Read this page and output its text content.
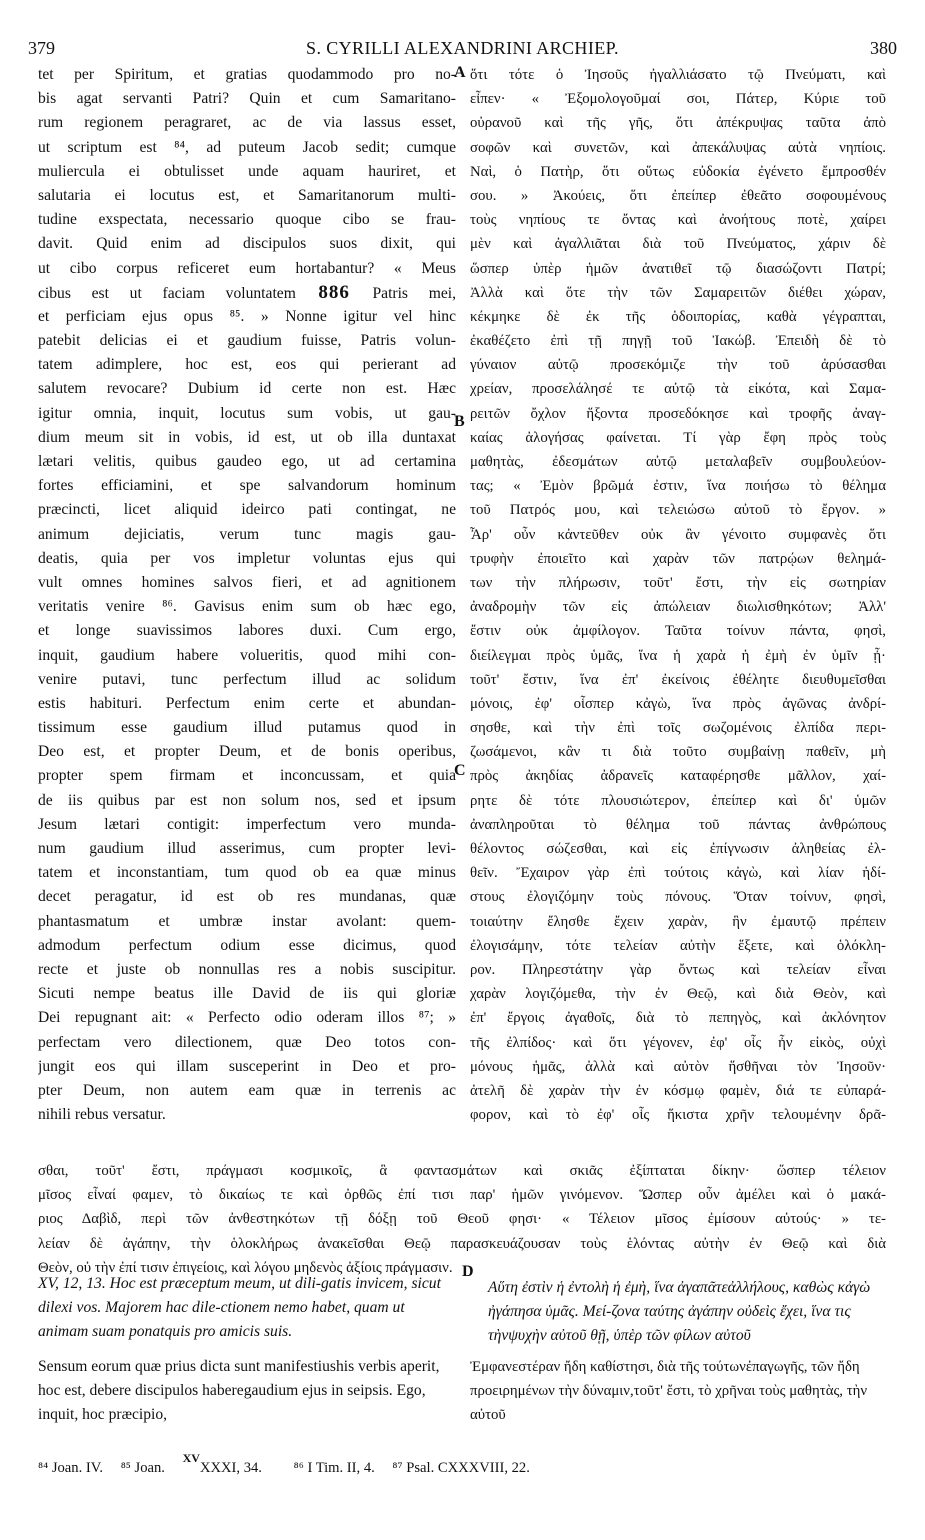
379	S. CYRILLI ALEXANDRINI ARCHIEP.	380
tet per Spiritum, et gratias quodammodo pro no-
bis agat servanti Patri? Quin et cum Samaritano-
rum regionem peragraret, ac de via lassus esset,
ut scriptum est ⁸⁴, ad puteum Jacob sedit; cumque
muliercula ei obtulisset unde aquam hauriret, et
salutaria ei locutus est, et Samaritanorum multi-
tudine exspectata, necessario quoque cibo se frau-
davit. Quid enim ad discipulos suos dixit, qui
ut cibo corpus reficeret eum hortabantur? « Meus
cibus est ut faciam voluntatem 886 Patris mei,
et perficiam ejus opus ⁸⁵. » Nonne igitur vel hinc
patebit delicias ei et gaudium fuisse, Patris volun-
tatem adimplere, hoc est, eos qui perierant ad
salutem revocare? Dubium id certe non est. Hæc
igitur omnia, inquit, locutus sum vobis, ut gau-
dium meum sit in vobis, id est, ut ob illa duntaxat
lætari velitis, quibus gaudeo ego, ut ad certamina
fortes efficiamini, et spe salvandorum hominum
præcincti, licet aliquid ideirco pati contingat, ne
animum dejiciatis, verum tunc magis gau-
deatis, quia per vos impletur voluntas ejus qui
vult omnes homines salvos fieri, et ad agnitionem
veritatis venire ⁸⁶. Gavisus enim sum ob hæc ego,
et longe suavissimos labores duxi. Cum ergo,
inquit, gaudium habere volueritis, quod mihi con-
venire putavi, tunc perfectum illud ac solidum
estis habituri. Perfectum enim certe et abundan-
tissimum esse gaudium illud putamus quod in
Deo est, et propter Deum, et de bonis operibus,
propter spem firmam et inconcussam, et quia
de iis quibus par est non solum nos, sed et ipsum
Jesum lætari contigit: imperfectum vero munda-
num gaudium illud asserimus, cum propter levi-
tatem et inconstantiam, tum quod ob ea quæ minus
decet peragatur, id est ob res mundanas, quæ
phantasmatum et umbræ instar avolant: quem-
admodum perfectum odium esse dicimus, quod
recte et juste ob nonnullas res a nobis suscipitur.
Sicuti nempe beatus ille David de iis qui gloriæ
Dei repugnant ait: « Perfecto odio oderam illos ⁸⁷; »
perfectam vero dilectionem, quæ Deo totos con-
jungit eos qui illam susceperint in Deo et pro-
pter Deum, non autem eam quæ in terrenis ac
nihili rebus versatur.
ὅτι τότε ὁ Ἰησοῦς ἠγαλλιάσατο τῷ Πνεύματι, καὶ
εἶπεν· « Ἐξομολογοῦμαί σοι, Πάτερ, Κύριε τοῦ
οὐρανοῦ καὶ τῆς γῆς, ὅτι ἀπέκρυψας ταῦτα ἀπὸ
σοφῶν καὶ συνετῶν, καὶ ἀπεκάλυψας αὐτὰ νηπίοις.
Ναὶ, ὁ Πατὴρ, ὅτι οὕτως εὐδοκία ἐγένετο ἔμπροσθέν
σου. » Ἀκούεις, ὅτι ἐπείπερ ἐθεᾶτο σοφουμένους
τοὺς νηπίους τε ὄντας καὶ ἀνοήτους ποτὲ, χαίρει
μὲν καὶ ἀγαλλιᾶται διὰ τοῦ Πνεύματος, χάριν δὲ
ὥσπερ ὑπὲρ ἡμῶν ἀνατιθεῖ τῷ διασώζοντι Πατρί;
Ἀλλὰ καὶ ὅτε τὴν τῶν Σαμαρειτῶν διέθει χώραν,
κέκμηκε δὲ ἐκ τῆς ὁδοιπορίας, καθὰ γέγραπται,
ἐκαθέζετο ἐπὶ τῇ πηγῇ τοῦ Ἰακώβ. Ἐπειδὴ δὲ τὸ
γύναιον αὐτῷ προσεκόμιζε τὴν τοῦ ἀρύσασθαι
χρείαν, προσελάλησέ τε αὐτῷ τὰ εἰκότα, καὶ Σαμα-
ρειτῶν ὄχλον ἥξοντα προσεδόκησε καὶ τροφῆς ἀναγ-
καίας ἀλογήσας φαίνεται. Τί γὰρ ἔφη πρὸς τοὺς
μαθητὰς, ἐδεσμάτων αὐτῷ μεταλαβεῖν συμβουλεύον-
τας; « Ἐμὸν βρῶμά ἐστιν, ἵνα ποιήσω τὸ θέλημα
τοῦ Πατρός μου, καὶ τελειώσω αὐτοῦ τὸ ἔργον. »
Ἆρ' οὖν κἀντεῦθεν οὐκ ἂν γένοιτο συμφανὲς ὅτι
τρυφὴν ἐποιεῖτο καὶ χαρὰν τῶν πατρῴων θελημά-
των τὴν πλήρωσιν, τοῦτ' ἔστι, τὴν εἰς σωτηρίαν
ἀναδρομὴν τῶν εἰς ἀπώλειαν διωλισθηκότων; Ἀλλ'
ἔστιν οὐκ ἀμφίλογον. Ταῦτα τοίνυν πάντα, φησὶ,
διείλεγμαι πρὸς ὑμᾶς, ἵνα ἡ χαρὰ ἡ ἐμὴ ἐν ὑμῖν ᾖ·
τοῦτ' ἔστιν, ἵνα ἐπ' ἐκείνοις ἐθέλητε διευθυμεῖσθαι
μόνοις, ἐφ' οἷσπερ κἀγὼ, ἵνα πρὸς ἀγῶνας ἀνδρί-
σησθε, καὶ τὴν ἐπὶ τοῖς σωζομένοις ἐλπίδα περι-
ζωσάμενοι, κἂν τι διὰ τοῦτο συμβαίνῃ παθεῖν, μὴ
πρὸς ἀκηδίας ἀδρανεῖς καταφέρησθε μᾶλλον, χαί-
ρητε δὲ τότε πλουσιώτερον, ἐπείπερ καὶ δι' ὑμῶν
ἀναπληροῦται τὸ θέλημα τοῦ πάντας ἀνθρώπους
θέλοντος σώζεσθαι, καὶ εἰς ἐπίγνωσιν ἀληθείας ἐλ-
θεῖν. Ἔχαιρον γὰρ ἐπὶ τούτοις κἀγὼ, καὶ λίαν ἡδί-
στους ἐλογιζόμην τοὺς πόνους. Ὅταν τοίνυν, φησὶ,
τοιαύτην ἔλησθε ἔχειν χαρὰν, ἣν ἐμαυτῷ πρέπειν
ἐλογισάμην, τότε τελείαν αὐτὴν ἕξετε, καὶ ὁλόκλη-
ρον. Πληρεστάτην γὰρ ὄντως καὶ τελείαν εἶναι
χαρὰν λογιζόμεθα, τὴν ἐν Θεῷ, καὶ διὰ Θεὸν, καὶ
ἐπ' ἔργοις ἀγαθοῖς, διὰ τὸ πεπηγὸς, καὶ ἀκλόνητον
τῆς ἐλπίδος· καὶ ὅτι γέγονεν, ἐφ' οἷς ἦν εἰκὸς, οὐχὶ
μόνους ἡμᾶς, ἀλλὰ καὶ αὐτὸν ἥσθῆναι τὸν Ἰησοῦν·
ἀτελῆ δὲ χαρὰν τὴν ἐν κόσμῳ φαμὲν, διά τε εὐπαρά-
φορον, καὶ τὸ ἐφ' οἷς ἥκιστα χρῆν τελουμένην δρᾶ-
A
B
C
D
σθαι, τοῦτ' ἔστι, πράγμασι κοσμικοῖς, ἃ φαντασμάτων καὶ σκιᾶς ἐξίπταται δίκην· ὥσπερ τέλειον
μῖσος εἶναί φαμεν, τὸ δικαίως τε καὶ ὀρθῶς ἐπί τισι παρ' ἡμῶν γινόμενον. Ὥσπερ οὖν ἀμέλει καὶ ὁ μακά-
ριος Δαβὶδ, περὶ τῶν ἀνθεστηκότων τῇ δόξῃ τοῦ Θεοῦ φησι· « Τέλειον μῖσος ἐμίσουν αὐτούς· » τε-
λείαν δὲ ἀγάπην, τὴν ὁλοκλήρως ἀνακεῖσθαι Θεῷ παρασκευάζουσαν τοὺς ἑλόντας αὐτὴν ἐν Θεῷ καὶ διὰ
Θεὸν, οὐ τὴν ἐπί τισιν ἐπιγείοις, καὶ λόγου μηδενὸς ἀξίοις πράγμασιν.
XV, 12, 13. Hoc est præceptum meum, ut dili-gatis invicem, sicut dilexi vos. Majorem hac dile-ctionem nemo habet, quam ut animam suam ponatquis pro amicis suis.
Αὕτη ἐστὶν ἡ ἐντολὴ ἡ ἐμὴ, ἵνα ἀγαπᾶτεἀλλήλους, καθὼς κἀγὼ ἠγάπησα ὑμᾶς. Μεί-ζονα ταύτης ἀγάπην οὐδεὶς ἔχει, ἵνα τις τὴνψυχὴν αὐτοῦ θῇ, ὑπὲρ τῶν φίλων αὐτοῦ
Sensum eorum quæ prius dicta sunt manifestiushis verbis aperit, hoc est, debere discipulos haberegaudium ejus in seipsis. Ego, inquit, hoc præcipio,
Ἐμφανεστέραν ἤδη καθίστησι, διὰ τῆς τούτωνἐπαγωγῆς, τῶν ἤδη προειρημένων τὴν δύναμιν,τοῦτ' ἔστι, τὸ χρῆναι τοὺς μαθητὰς, τὴν αὐτοῦ
⁸⁴ Joan. IV. ⁸⁵ Joan. $^{XV}$XXXI, 34. ⁸⁶ I Tim. II, 4. ⁸⁷ Psal. CXXXVIII, 22.
